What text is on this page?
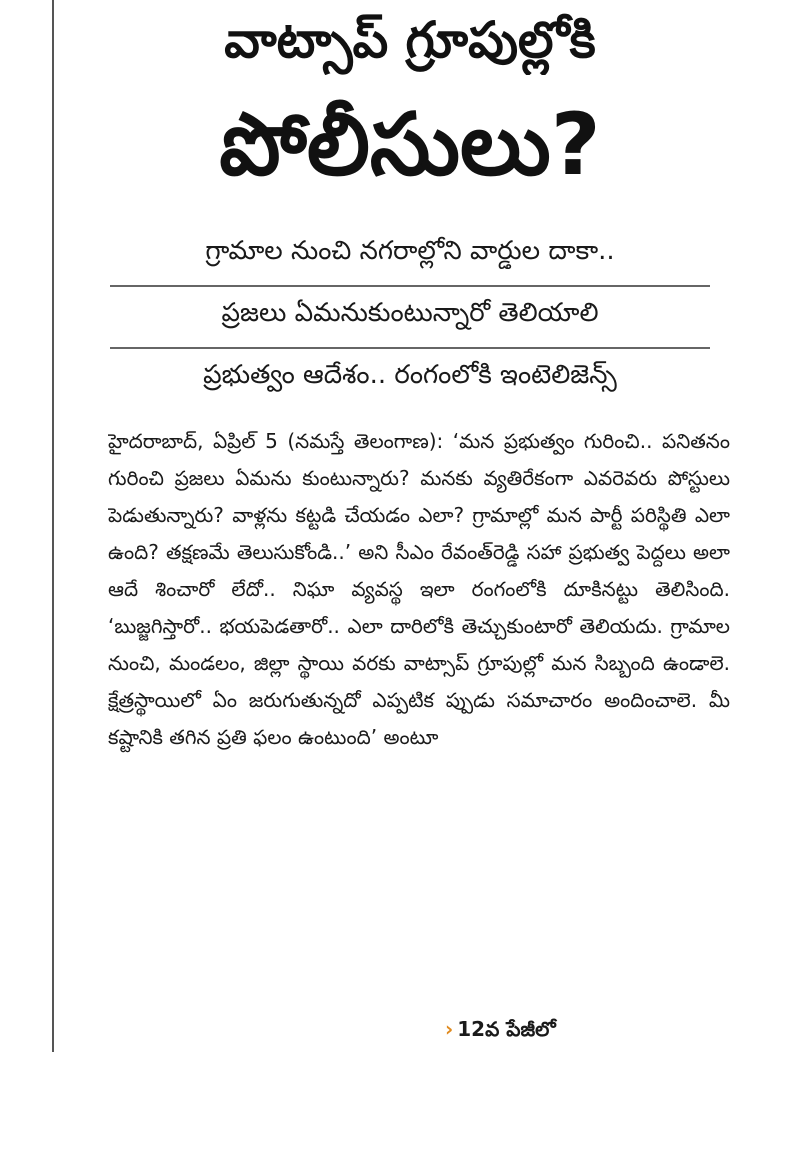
వాట్సాప్ గ్రూపుల్లోకి
పోలీసులు?
గ్రామాల నుంచి నగరాల్లోని వార్డుల దాకా..
ప్రజలు ఏమనుకుంటున్నారో తెలియాలి
ప్రభుత్వం ఆదేశం.. రంగంలోకి ఇంటెలిజెన్స్

హైదరాబాద్, ఏప్రిల్ 5 (నమస్తే తెలంగాణ): ‘మన ప్రభుత్వం గురించి.. పనితనం గురించి ప్రజలు ఏమను కుంటున్నారు? మనకు వ్యతిరేకంగా ఎవరెవరు పోస్టులు పెడుతున్నారు? వాళ్లను కట్టడి చేయడం ఎలా? గ్రామాల్లో మన పార్టీ పరిస్థితి ఎలా ఉంది? తక్షణమే తెలుసుకోండి..’ అని సీఎం రేవంత్‌రెడ్డి సహా ప్రభుత్వ పెద్దలు అలా ఆదే శించారో లేదో.. నిఘా వ్యవస్థ ఇలా రంగంలోకి దూకినట్టు తెలిసింది. ‘బుజ్జగిస్తారో.. భయపెడతారో.. ఎలా దారిలోకి తెచ్చుకుంటారో తెలియదు. గ్రామాల నుంచి, మండలం, జిల్లా స్థాయి వరకు వాట్సాప్ గ్రూపుల్లో మన సిబ్బంది ఉండాలె. క్షేత్రస్థాయిలో ఏం జరుగుతున్నదో ఎప్పటిక ప్పుడు సమాచారం అందించాలె. మీ కష్టానికి తగిన ప్రతి ఫలం ఉంటుంది’ అంటూ

› 12వ పేజీలో
